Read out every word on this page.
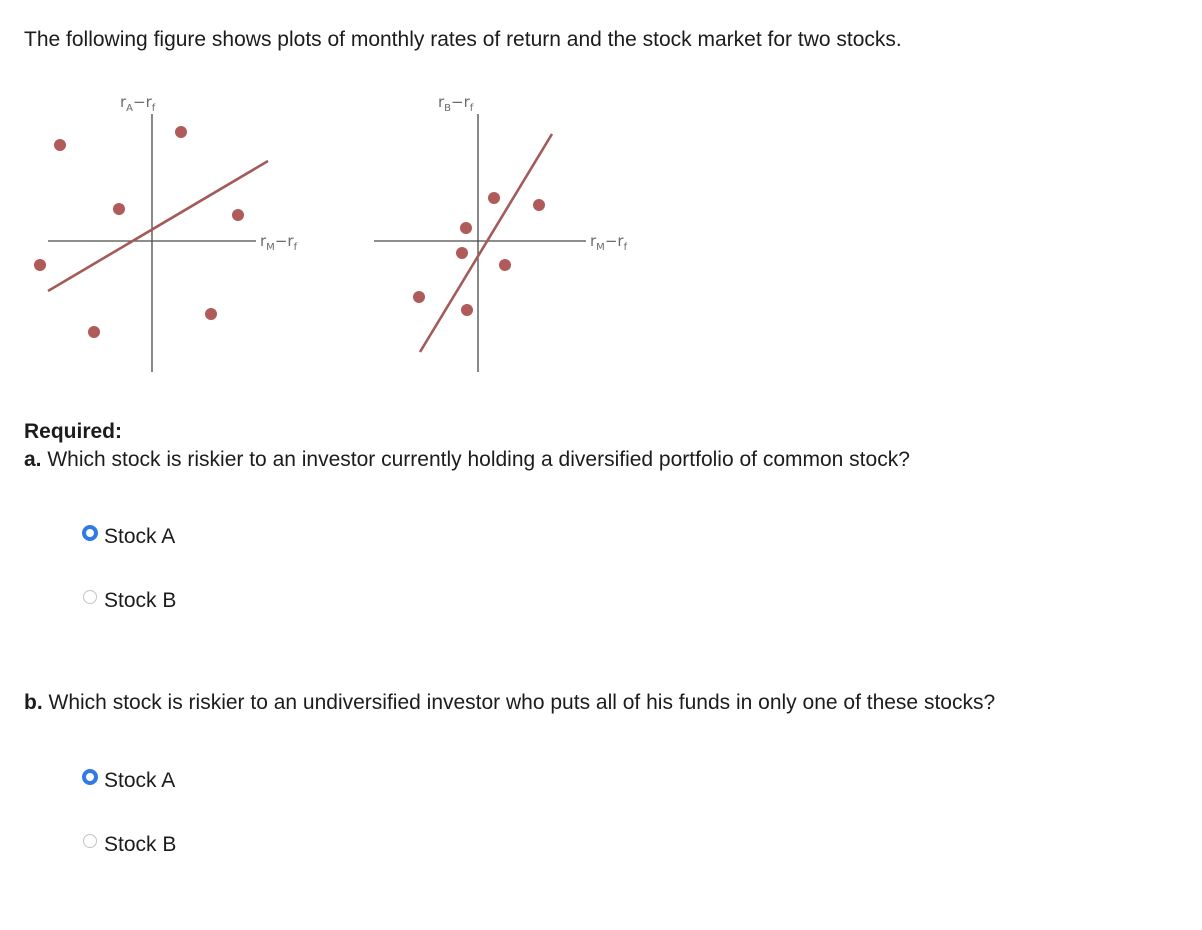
The following figure shows plots of monthly rates of return and the stock market for two stocks.

$r_A-r_f$
$r_M-r_f$
$r_B-r_f$
$r_M-r_f$
Required:
a. Which stock is riskier to an investor currently holding a diversified portfolio of common stock?
Stock A
Stock B
b. Which stock is riskier to an undiversified investor who puts all of his funds in only one of these stocks?
Stock A
Stock B
